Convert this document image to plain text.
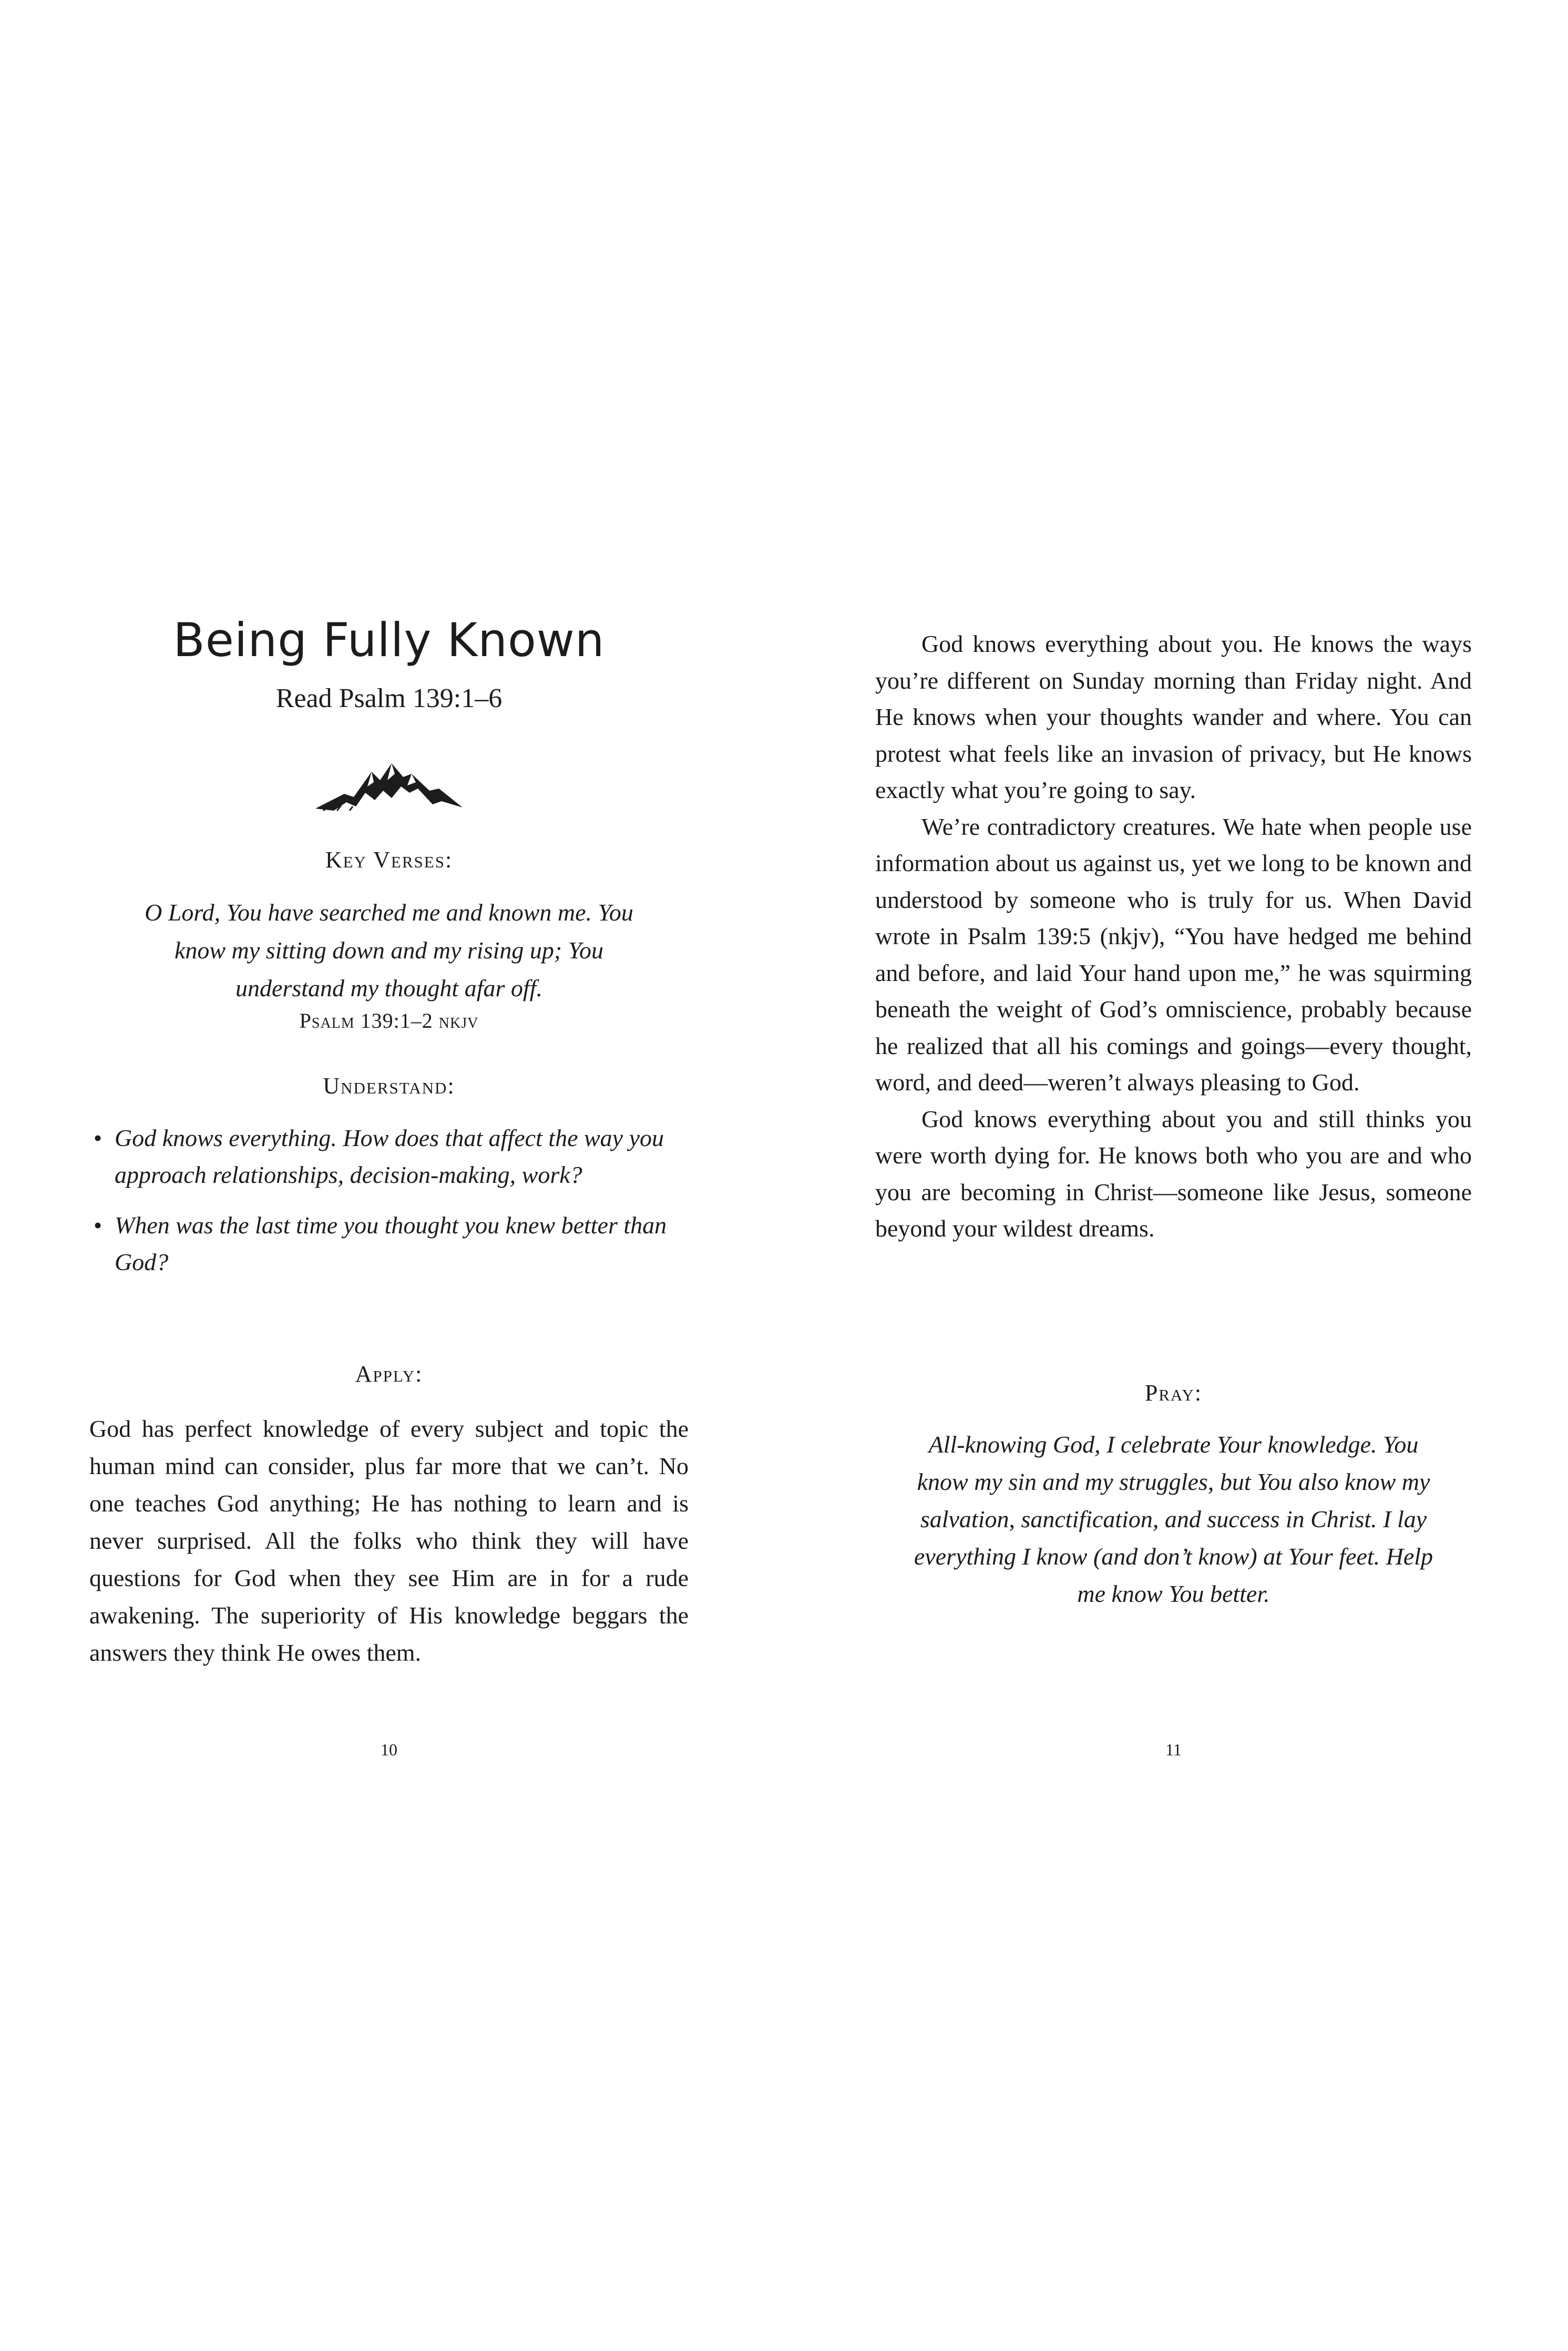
Being Fully Known
Read Psalm 139:1–6
Key Verses:
O Lord, You have searched me and known me. You know my sitting down and my rising up; You understand my thought afar off.
Psalm 139:1–2 nkjv
Understand:
• God knows everything. How does that affect the way you approach relationships, decision-making, work?
• When was the last time you thought you knew better than God?
Apply:

God has perfect knowledge of every subject and topic the human mind can consider, plus far more that we can’t. No one teaches God anything; He has nothing to learn and is never surprised. All the folks who think they will have questions for God when they see Him are in for a rude awakening. The superiority of His knowledge beggars the answers they think He owes them.

10

God knows everything about you. He knows the ways you’re different on Sunday morning than Friday night. And He knows when your thoughts wander and where. You can protest what feels like an invasion of privacy, but He knows exactly what you’re going to say.

We’re contradictory creatures. We hate when people use information about us against us, yet we long to be known and understood by someone who is truly for us. When David wrote in Psalm 139:5 (nkjv), “You have hedged me behind and before, and laid Your hand upon me,” he was squirming beneath the weight of God’s omniscience, probably because he realized that all his comings and goings—every thought, word, and deed—weren’t always pleasing to God.

God knows everything about you and still thinks you were worth dying for. He knows both who you are and who you are becoming in Christ—someone like Jesus, someone beyond your wildest dreams.

Pray:
All-knowing God, I celebrate Your knowledge. You know my sin and my struggles, but You also know my salvation, sanctification, and success in Christ. I lay everything I know (and don’t know) at Your feet. Help me know You better.
11
